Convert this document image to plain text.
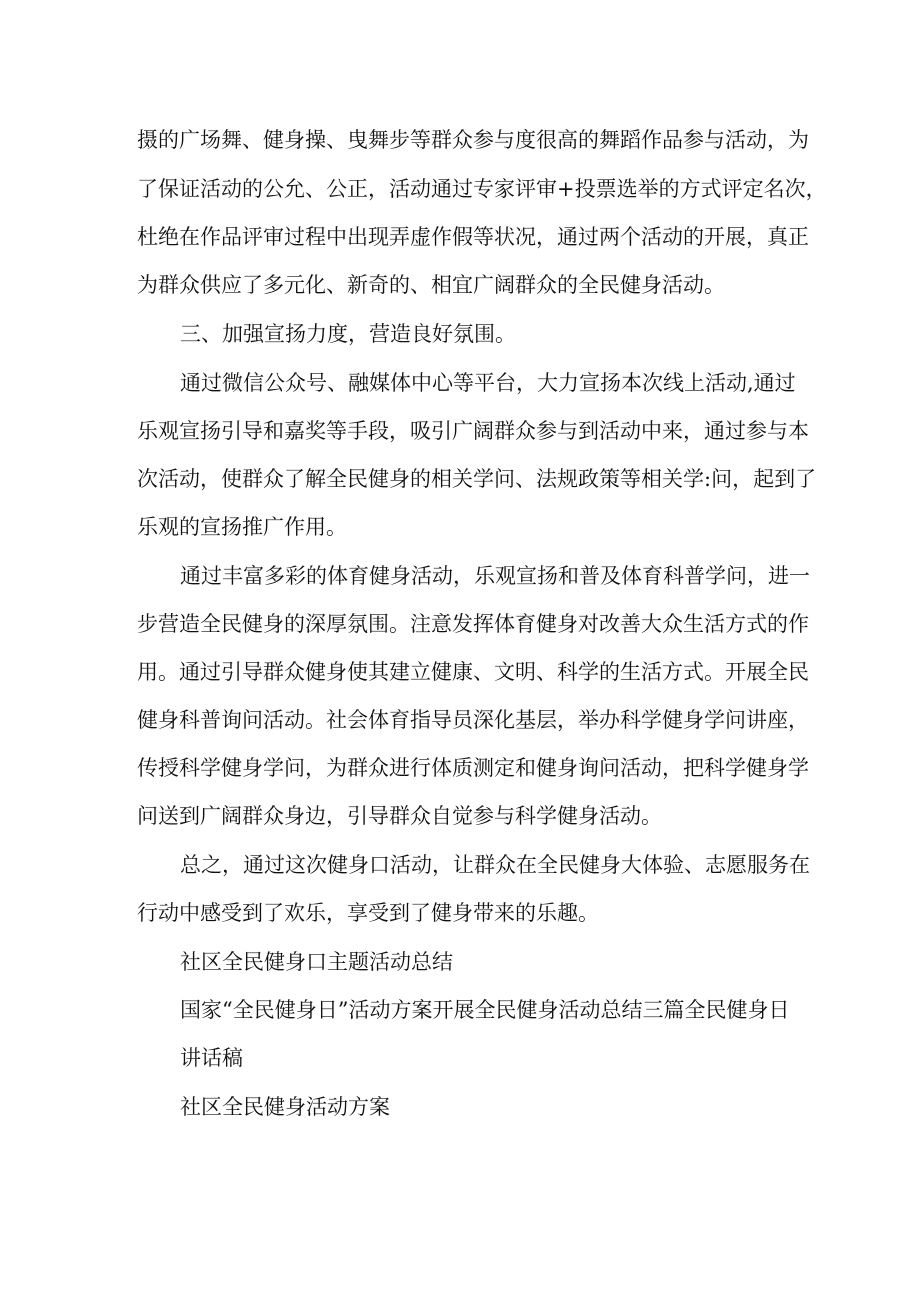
摄的广场舞、健身操、曳舞步等群众参与度很高的舞蹈作品参与活动，为
了保证活动的公允、公正，活动通过专家评审+投票选举的方式评定名次，
杜绝在作品评审过程中出现弄虚作假等状况，通过两个活动的开展，真正
为群众供应了多元化、新奇的、相宜广阔群众的全民健身活动。
三、加强宣扬力度，营造良好氛围。
通过微信公众号、融媒体中心等平台，大力宣扬本次线上活动,通过
乐观宣扬引导和嘉奖等手段，吸引广阔群众参与到活动中来，通过参与本
次活动，使群众了解全民健身的相关学问、法规政策等相关学:问，起到了
乐观的宣扬推广作用。
通过丰富多彩的体育健身活动，乐观宣扬和普及体育科普学问，进一
步营造全民健身的深厚氛围。注意发挥体育健身对改善大众生活方式的作
用。通过引导群众健身使其建立健康、文明、科学的生活方式。开展全民
健身科普询问活动。社会体育指导员深化基层，举办科学健身学问讲座，
传授科学健身学问，为群众进行体质测定和健身询问活动，把科学健身学
问送到广阔群众身边，引导群众自觉参与科学健身活动。
总之，通过这次健身口活动，让群众在全民健身大体验、志愿服务在
行动中感受到了欢乐，享受到了健身带来的乐趣。
社区全民健身口主题活动总结
国家“全民健身日”活动方案开展全民健身活动总结三篇全民健身日
讲话稿
社区全民健身活动方案
